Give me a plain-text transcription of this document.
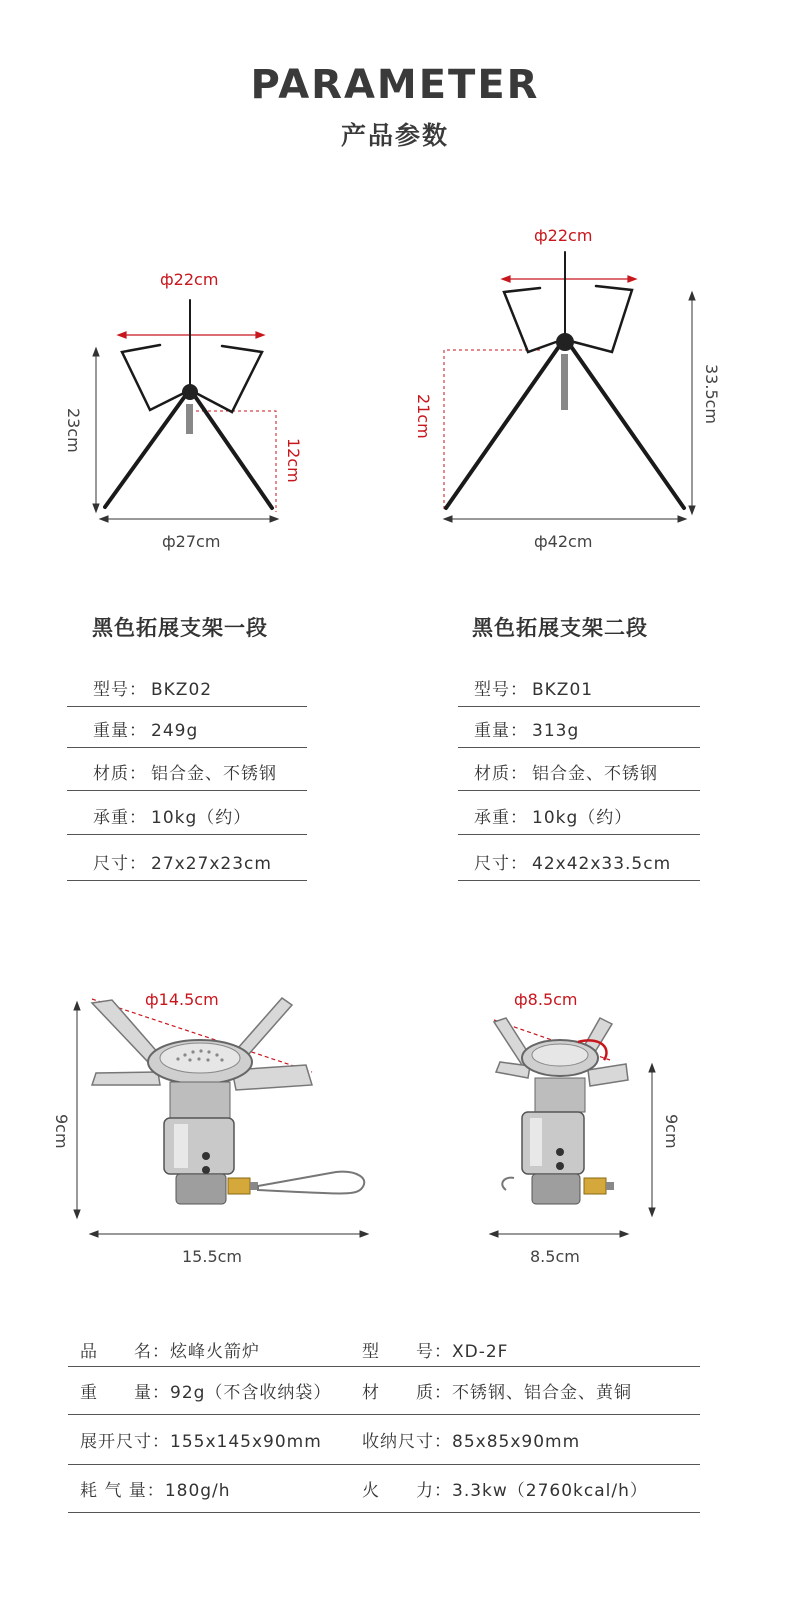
PARAMETER
产品参数
ф22cm
23cm
12cm
ф27cm
ф22cm
33.5cm
21cm
ф42cm
黑色拓展支架一段	黑色拓展支架二段
型号： BKZ02
重量： 249g
材质： 铝合金、不锈钢
承重： 10kg（约）
尺寸： 27x27x23cm
型号： BKZ01
重量： 313g
材质： 铝合金、不锈钢
承重： 10kg（约）
尺寸： 42x42x33.5cm
ф14.5cm
9cm
15.5cm
ф8.5cm
9cm
8.5cm
品　　名：炫峰火箭炉	型　　号：XD-2F
重　　量：92g（不含收纳袋）	材　　质：不锈钢、铝合金、黄铜
展开尺寸：155x145x90mm	收纳尺寸：85x85x90mm
耗 气 量：180g/h	火　　力：3.3kw（2760kcal/h）
